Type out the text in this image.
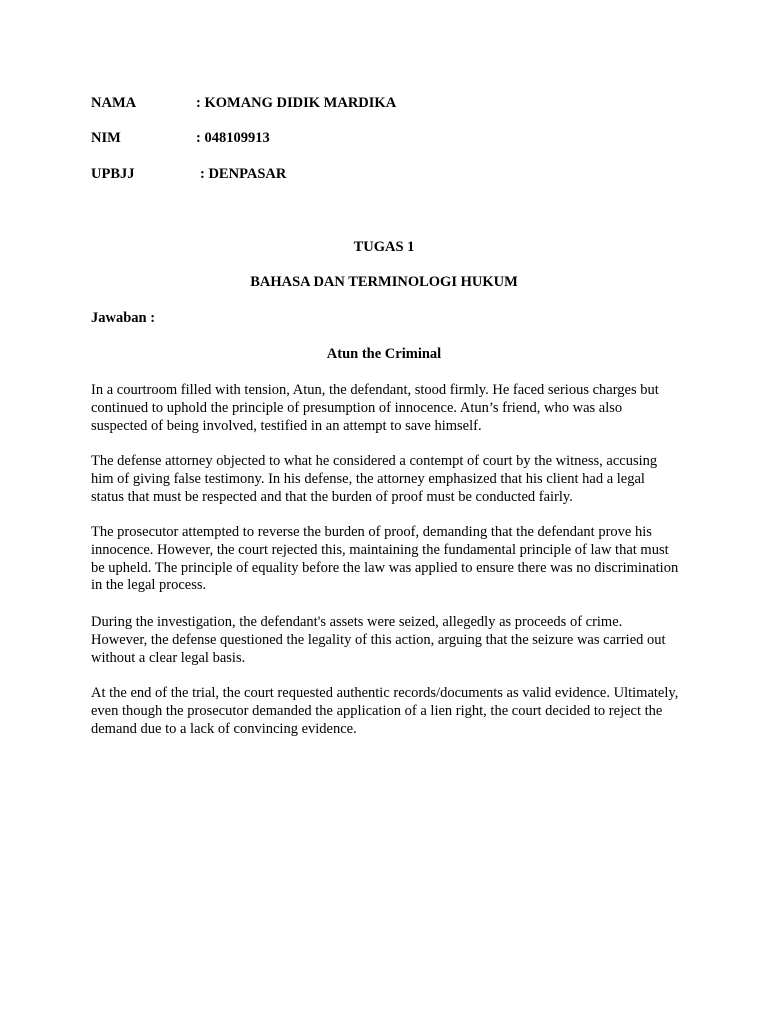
NAMA	: KOMANG DIDIK MARDIKA
NIM	: 048109913
UPBJJ	: DENPASAR
TUGAS 1
BAHASA DAN TERMINOLOGI HUKUM
Jawaban :
Atun the Criminal

In a courtroom filled with tension, Atun, the defendant, stood firmly. He faced serious charges but continued to uphold the principle of presumption of innocence. Atun’s friend, who was also suspected of being involved, testified in an attempt to save himself.

The defense attorney objected to what he considered a contempt of court by the witness, accusing him of giving false testimony. In his defense, the attorney emphasized that his client had a legal status that must be respected and that the burden of proof must be conducted fairly.

The prosecutor attempted to reverse the burden of proof, demanding that the defendant prove his innocence. However, the court rejected this, maintaining the fundamental principle of law that must be upheld. The principle of equality before the law was applied to ensure there was no discrimination in the legal process.

During the investigation, the defendant's assets were seized, allegedly as proceeds of crime. However, the defense questioned the legality of this action, arguing that the seizure was carried out without a clear legal basis.

At the end of the trial, the court requested authentic records/documents as valid evidence. Ultimately, even though the prosecutor demanded the application of a lien right, the court decided to reject the demand due to a lack of convincing evidence.
